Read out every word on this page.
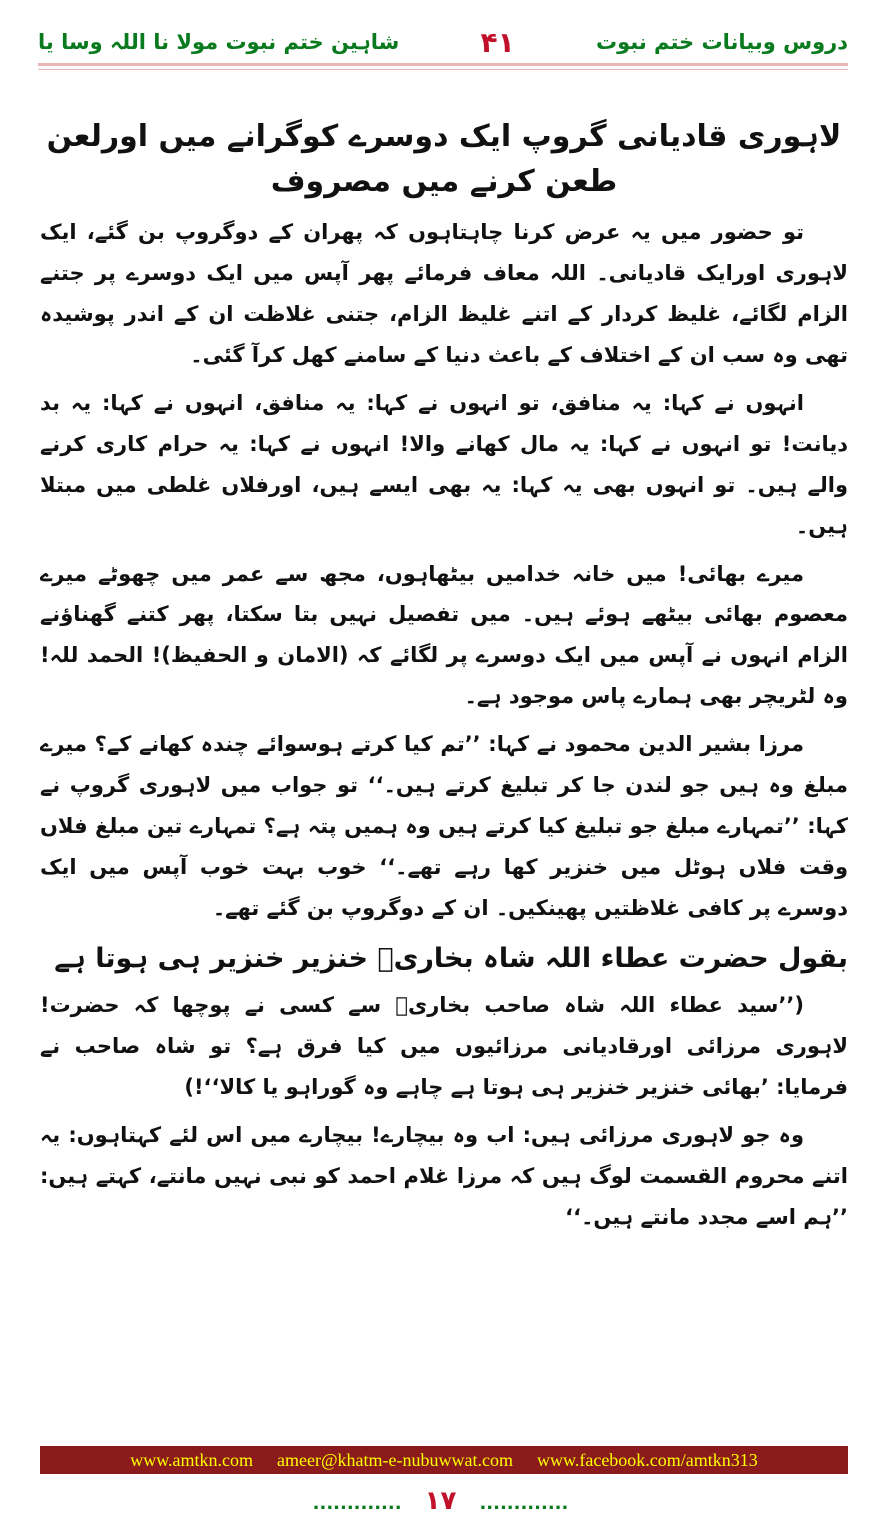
شاہین ختم نبوت مولا نا اللہ وسا یا	۴۱	دروس وبیانات ختم نبوت
لاہوری قادیانی گروپ ایک دوسرے کوگرانے میں اورلعن طعن کرنے میں مصروف

تو حضور میں یہ عرض کرنا چاہتاہوں کہ پھران کے دوگروپ بن گئے، ایک لاہوری اورایک قادیانی۔ اللہ معاف فرمائے پھر آپس میں ایک دوسرے پر جتنے الزام لگائے، غلیظ کردار کے اتنے غلیظ الزام، جتنی غلاظت ان کے اندر پوشیدہ تھی وہ سب ان کے اختلاف کے باعث دنیا کے سامنے کھل کرآ گئی۔

انہوں نے کہا: یہ منافق، تو انہوں نے کہا: یہ منافق، انہوں نے کہا: یہ بد دیانت! تو انہوں نے کہا: یہ مال کھانے والا! انہوں نے کہا: یہ حرام کاری کرنے والے ہیں۔ تو انہوں بھی یہ کہا: یہ بھی ایسے ہیں، اورفلاں غلطی میں مبتلا ہیں۔

میرے بھائی! میں خانہ خدامیں بیٹھاہوں، مجھ سے عمر میں چھوٹے میرے معصوم بھائی بیٹھے ہوئے ہیں۔ میں تفصیل نہیں بتا سکتا، پھر کتنے گھناؤنے الزام انہوں نے آپس میں ایک دوسرے پر لگائے کہ (الامان و الحفیظ)! الحمد للہ! وہ لٹریچر بھی ہمارے پاس موجود ہے۔

مرزا بشیر الدین محمود نے کہا: ’’تم کیا کرتے ہوسوائے چندہ کھانے کے؟ میرے مبلغ وہ ہیں جو لندن جا کر تبلیغ کرتے ہیں۔‘‘ تو جواب میں لاہوری گروپ نے کہا: ’’تمہارے مبلغ جو تبلیغ کیا کرتے ہیں وہ ہمیں پتہ ہے؟ تمہارے تین مبلغ فلاں وقت فلاں ہوٹل میں خنزیر کھا رہے تھے۔‘‘ خوب بہت خوب آپس میں ایک دوسرے پر کافی غلاظتیں پھینکیں۔ ان کے دوگروپ بن گئے تھے۔

بقول حضرت عطاء اللہ شاہ بخاریؒ خنزیر خنزیر ہی ہوتا ہے

(’’سید عطاء اللہ شاہ صاحب بخاریؒ سے کسی نے پوچھا کہ حضرت! لاہوری مرزائی اورقادیانی مرزائیوں میں کیا فرق ہے؟ تو شاہ صاحب نے فرمایا: ’بھائی خنزیر خنزیر ہی ہوتا ہے چاہے وہ گوراہو یا کالا‘‘!)

وہ جو لاہوری مرزائی ہیں: اب وہ بیچارے! بیچارے میں اس لئے کہتاہوں: یہ اتنے محروم القسمت لوگ ہیں کہ مرزا غلام احمد کو نبی نہیں مانتے، کہتے ہیں: ’’ہم اسے مجدد مانتے ہیں۔‘‘

www.amtkn.com ameer@khatm-e-nubuwwat.com www.facebook.com/amtkn313
............. ۱۷ .............
